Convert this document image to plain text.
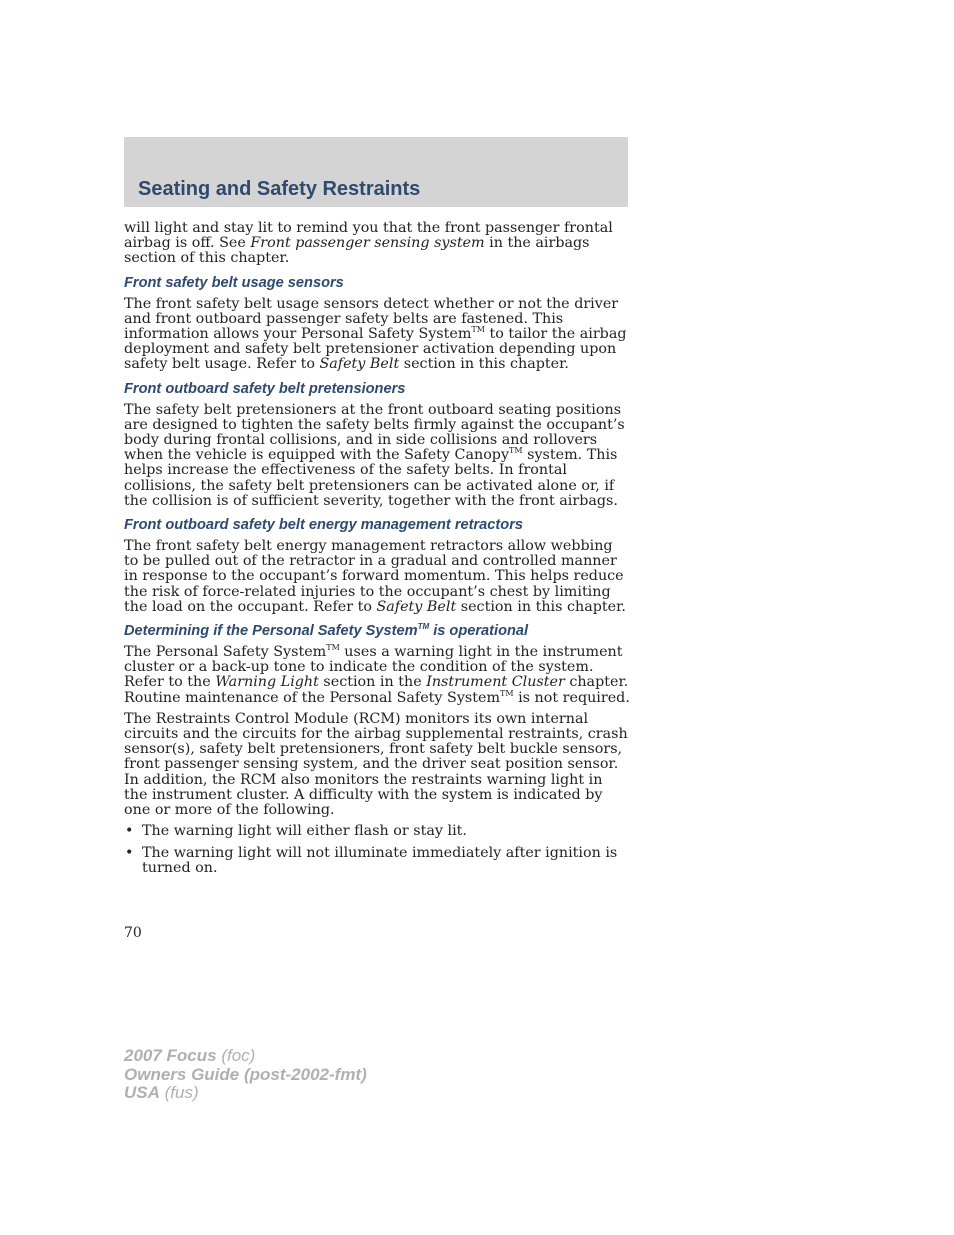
Seating and Safety Restraints

will light and stay lit to remind you that the front passenger frontal airbag is off. See Front passenger sensing system in the airbags section of this chapter.

Front safety belt usage sensors

The front safety belt usage sensors detect whether or not the driver and front outboard passenger safety belts are fastened. This information allows your Personal Safety System™ to tailor the airbag deployment and safety belt pretensioner activation depending upon safety belt usage. Refer to Safety Belt section in this chapter.

Front outboard safety belt pretensioners

The safety belt pretensioners at the front outboard seating positions are designed to tighten the safety belts firmly against the occupant’s body during frontal collisions, and in side collisions and rollovers when the vehicle is equipped with the Safety Canopy™ system. This helps increase the effectiveness of the safety belts. In frontal collisions, the safety belt pretensioners can be activated alone or, if the collision is of sufficient severity, together with the front airbags.

Front outboard safety belt energy management retractors

The front safety belt energy management retractors allow webbing to be pulled out of the retractor in a gradual and controlled manner in response to the occupant’s forward momentum. This helps reduce the risk of force-related injuries to the occupant’s chest by limiting the load on the occupant. Refer to Safety Belt section in this chapter.

Determining if the Personal Safety System™ is operational

The Personal Safety System™ uses a warning light in the instrument cluster or a back-up tone to indicate the condition of the system. Refer to the Warning Light section in the Instrument Cluster chapter. Routine maintenance of the Personal Safety System™ is not required.

The Restraints Control Module (RCM) monitors its own internal circuits and the circuits for the airbag supplemental restraints, crash sensor(s), safety belt pretensioners, front safety belt buckle sensors, front passenger sensing system, and the driver seat position sensor. In addition, the RCM also monitors the restraints warning light in the instrument cluster. A difficulty with the system is indicated by one or more of the following.

• The warning light will either flash or stay lit.
• The warning light will not illuminate immediately after ignition is turned on.
70
2007 Focus (foc)
Owners Guide (post-2002-fmt)
USA (fus)
